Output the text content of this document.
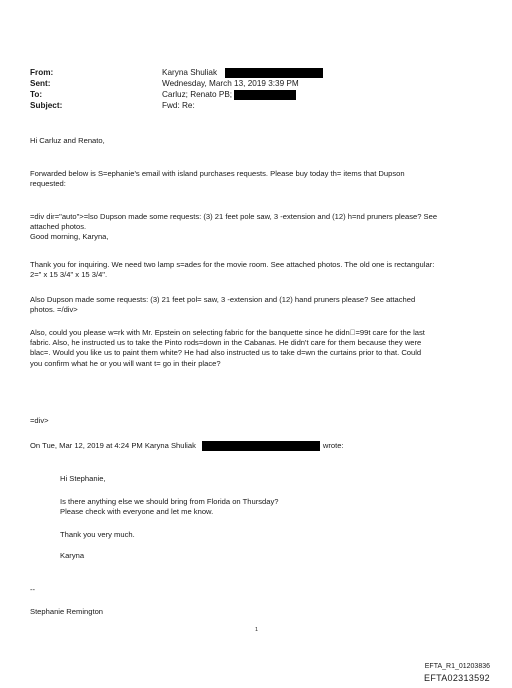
From:	Karyna Shuliak
Sent:	Wednesday, March 13, 2019 3:39 PM
To:	Carluz; Renato PB;
Subject:	Fwd: Re:
Hi Carluz and Renato,
Forwarded below is S=ephanie's email with island purchases requests. Please buy today th= items that Dupson
requested:
=div dir="auto">=lso Dupson made some requests: (3) 21 feet pole saw, 3 -extension and (12) h=nd pruners please? See
attached photos.
Good morning, Karyna,
Thank you for inquiring. We need two lamp s=ades for the movie room. See attached photos. The old one is rectangular:
2=" x 15 3/4" x 15 3/4".
Also Dupson made some requests: (3) 21 feet pol= saw, 3 -extension and (12) hand pruners please? See attached
photos. =/div>
Also, could you please w=rk with Mr. Epstein on selecting fabric for the banquette since he didn =99t care for the last
fabric. Also, he instructed us to take the Pinto rods=down in the Cabanas. He didn't care for them because they were
blac=. Would you like us to paint them white? He had also instructed us to take d=wn the curtains prior to that. Could
you confirm what he or you will want t= go in their place?
=div>
On Tue, Mar 12, 2019 at 4:24 PM Karyna Shuliak	wrote:
Hi Stephanie,
Is there anything else we should bring from Florida on Thursday?
Please check with everyone and let me know.
Thank you very much.
Karyna
--
Stephanie Remington
1
EFTA_R1_01203836
EFTA02313592
